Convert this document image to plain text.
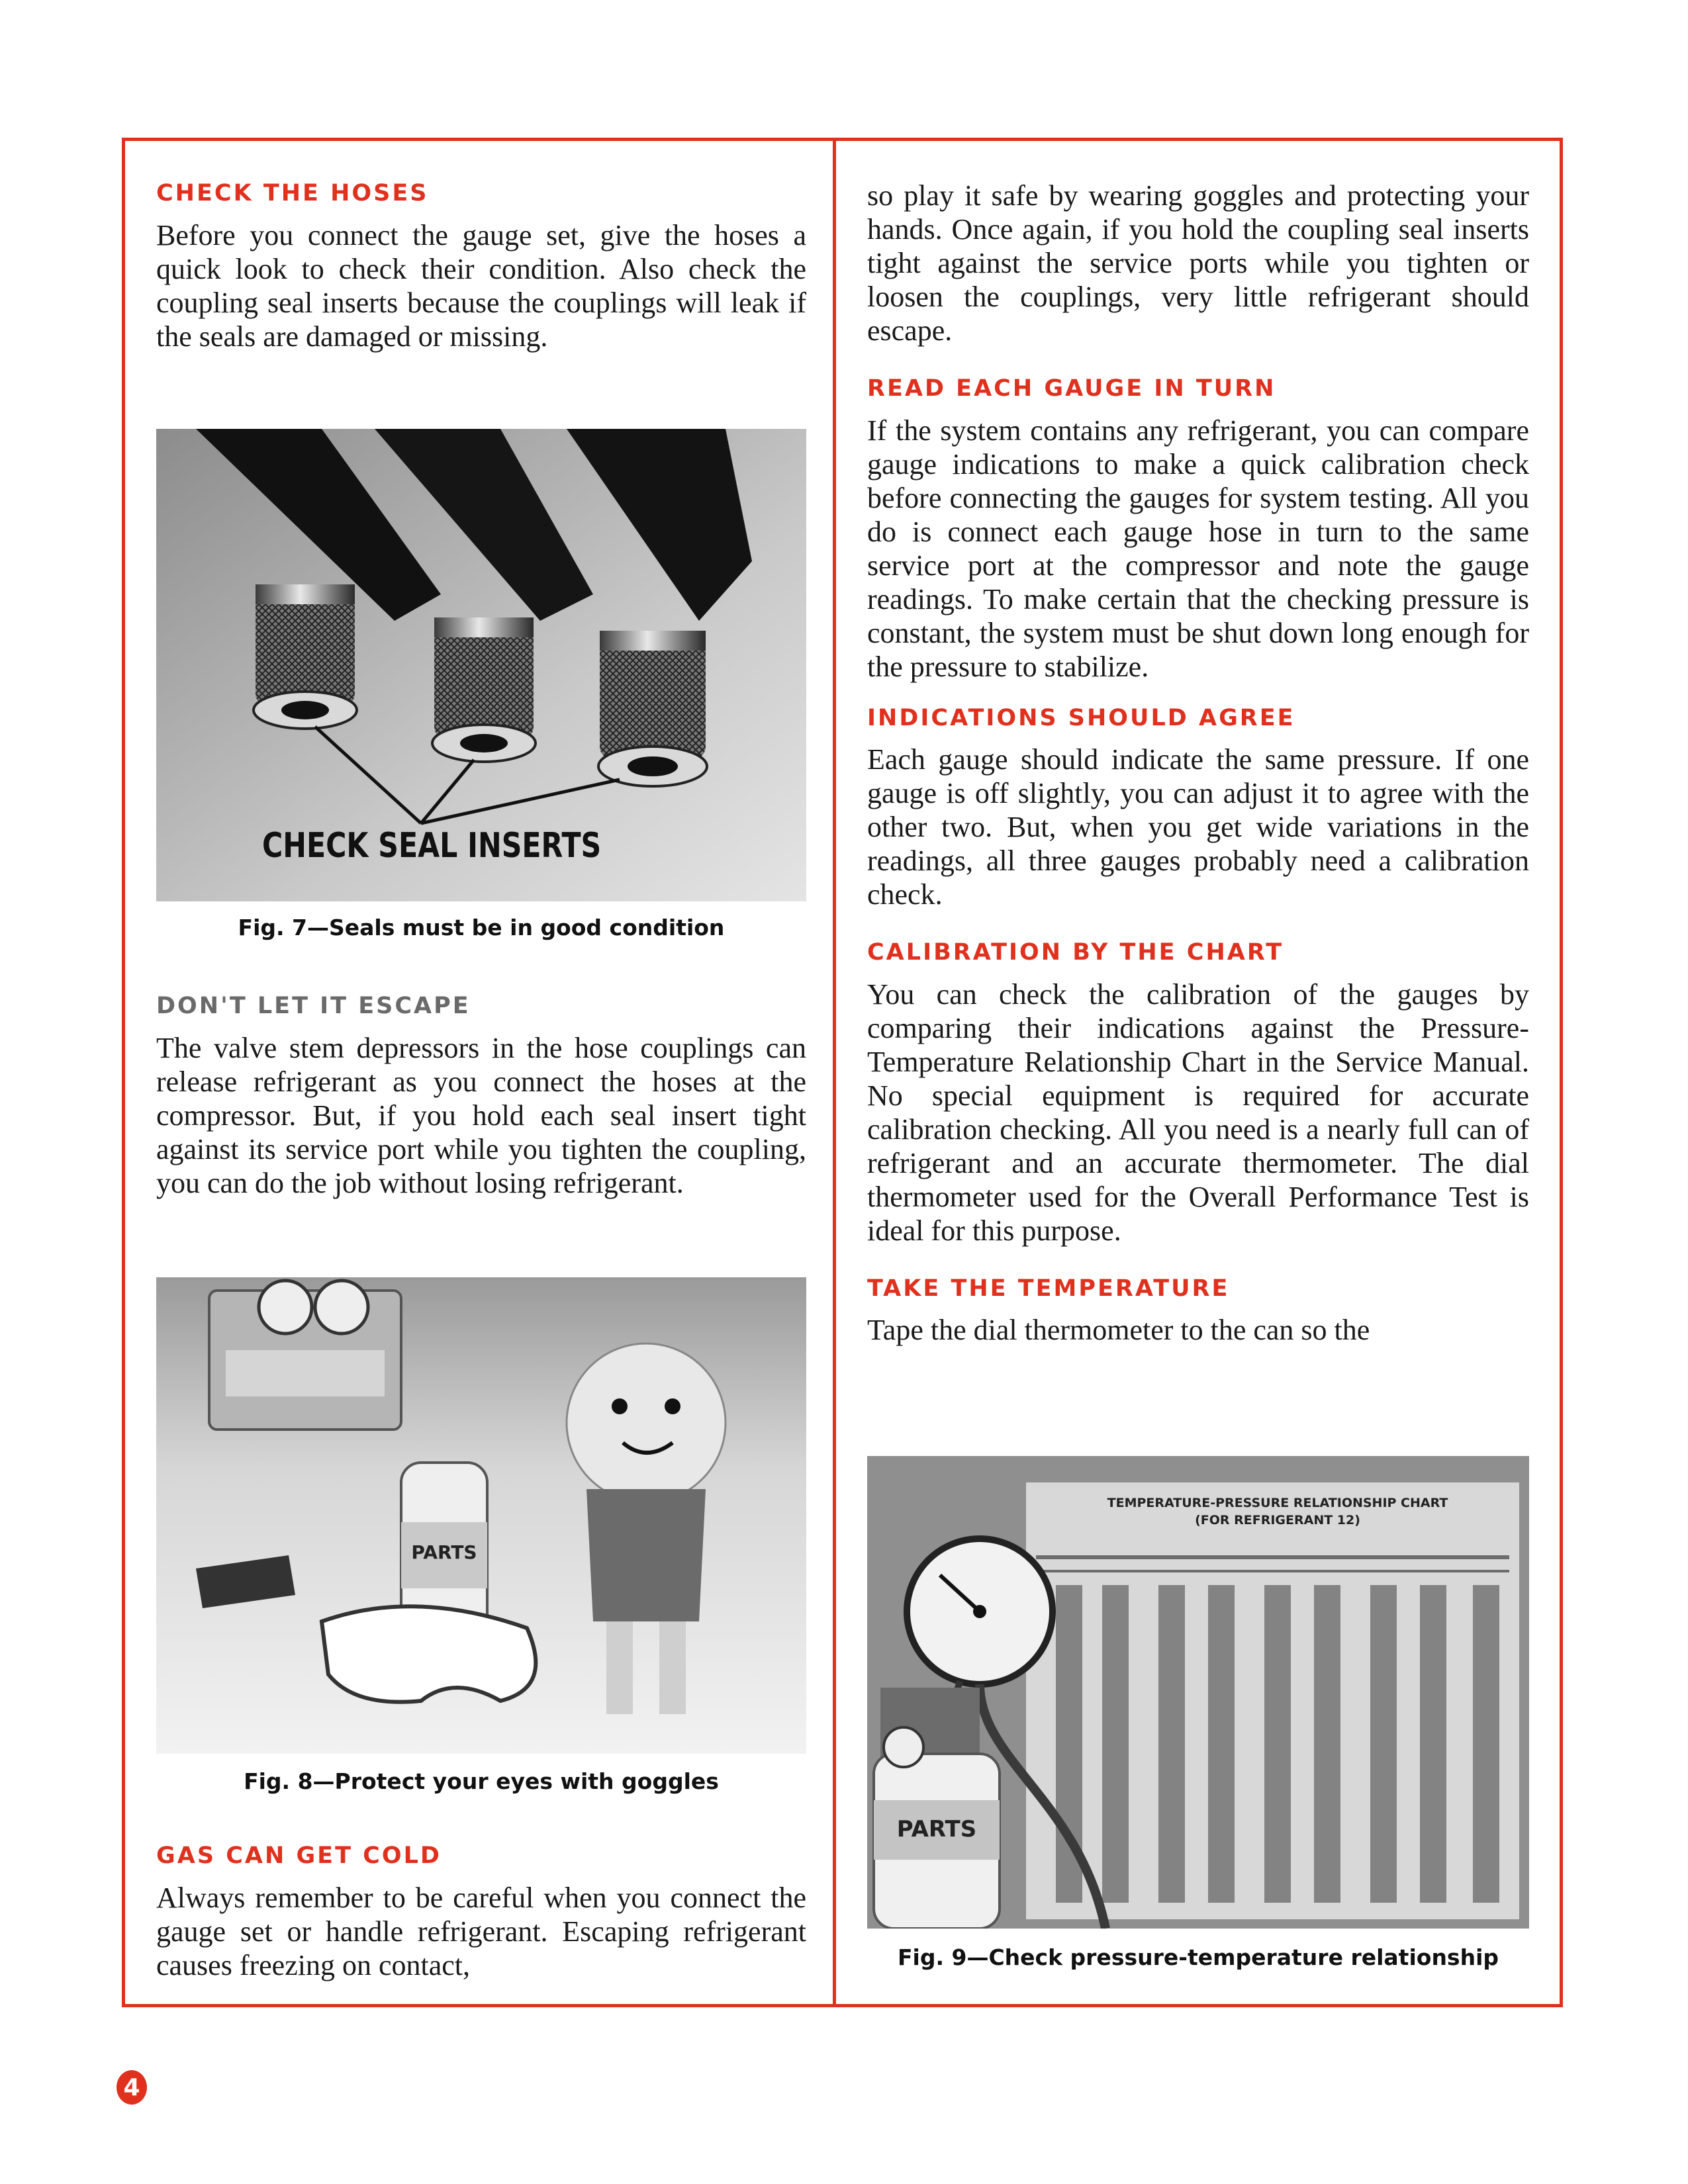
CHECK THE HOSES

Before you connect the gauge set, give the hoses a quick look to check their condition. Also check the coupling seal inserts because the couplings will leak if the seals are damaged or missing.

CHECK SEAL INSERTS
Fig. 7—Seals must be in good condition
DON'T LET IT ESCAPE

The valve stem depressors in the hose couplings can release refrigerant as you connect the hoses at the compressor. But, if you hold each seal insert tight against its service port while you tighten the coupling, you can do the job without losing refrigerant.

PARTS
Fig. 8—Protect your eyes with goggles
GAS CAN GET COLD

Always remember to be careful when you connect the gauge set or handle refrigerant. Escaping refrigerant causes freezing on contact,

so play it safe by wearing goggles and protecting your hands. Once again, if you hold the coupling seal inserts tight against the service ports while you tighten or loosen the couplings, very little refrigerant should escape.

READ EACH GAUGE IN TURN

If the system contains any refrigerant, you can compare gauge indications to make a quick calibration check before connecting the gauges for system testing. All you do is connect each gauge hose in turn to the same service port at the compressor and note the gauge readings. To make certain that the checking pressure is constant, the system must be shut down long enough for the pressure to stabilize.

INDICATIONS SHOULD AGREE

Each gauge should indicate the same pressure. If one gauge is off slightly, you can adjust it to agree with the other two. But, when you get wide variations in the readings, all three gauges probably need a calibration check.

CALIBRATION BY THE CHART

You can check the calibration of the gauges by comparing their indications against the Pressure-Temperature Relationship Chart in the Service Manual. No special equipment is required for accurate calibration checking. All you need is a nearly full can of refrigerant and an accurate thermometer. The dial thermometer used for the Overall Performance Test is ideal for this purpose.

TAKE THE TEMPERATURE

Tape the dial thermometer to the can so the

PARTS
TEMPERATURE-PRESSURE RELATIONSHIP CHART
(FOR REFRIGERANT 12)
Fig. 9—Check pressure-temperature relationship
4
